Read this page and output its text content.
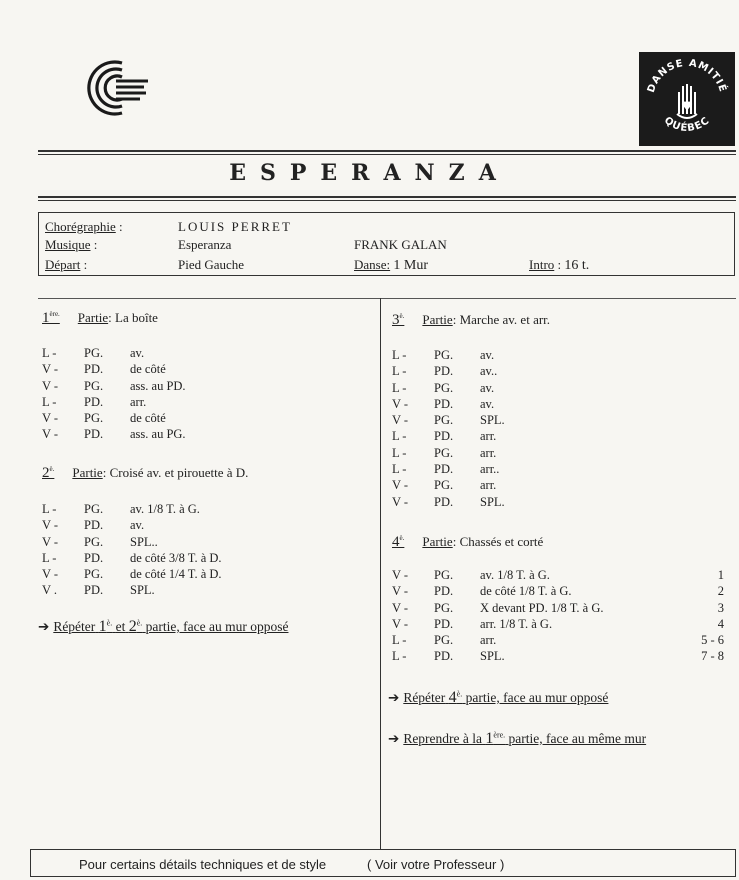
DANSE AMITIÉ
QUÉBEC
ESPERANZA
Chorégraphie :	LOUIS PERRET
Musique :	Esperanza	FRANK GALAN
Départ :	Pied Gauche	Danse: 1 Mur	Intro : 16 t.
$1^{ère.}$ Partie: La boîte
L - PG. av.
V - PD. de côté
V - PG. ass. au PD.
L - PD. arr.
V - PG. de côté
V - PD. ass. au PG.
$2^{è.}$ Partie: Croisé av. et pirouette à D.
L - PG. av. 1/8 T. à G.
V - PD. av.
V - PG. SPL..
L - PD. de côté 3/8 T. à D.
V - PG. de côté 1/4 T. à D.
V . PD. SPL.
➔ Répéter $1^{è.}$ et $2^{è.}$ partie, face au mur opposé
$3^{è.}$ Partie: Marche av. et arr.
L - PG. av.
L - PD. av..
L - PG. av.
V - PD. av.
V - PG. SPL.
L - PD. arr.
L - PG. arr.
L - PD. arr..
V - PG. arr.
V - PD. SPL.
$4^{è.}$ Partie: Chassés et corté
V - PG. av. 1/8 T. à G.	1
V - PD. de côté 1/8 T. à G.	2
V - PG. X devant PD. 1/8 T. à G.	3
V - PD. arr. 1/8 T. à G.	4
L - PG. arr.	5 - 6
L - PD. SPL.	7 - 8
➔ Répéter $4^{è.}$ partie, face au mur opposé
➔ Reprendre à la $1^{ère.}$ partie, face au même mur
Pour certains détails techniques et de style	( Voir votre Professeur )
